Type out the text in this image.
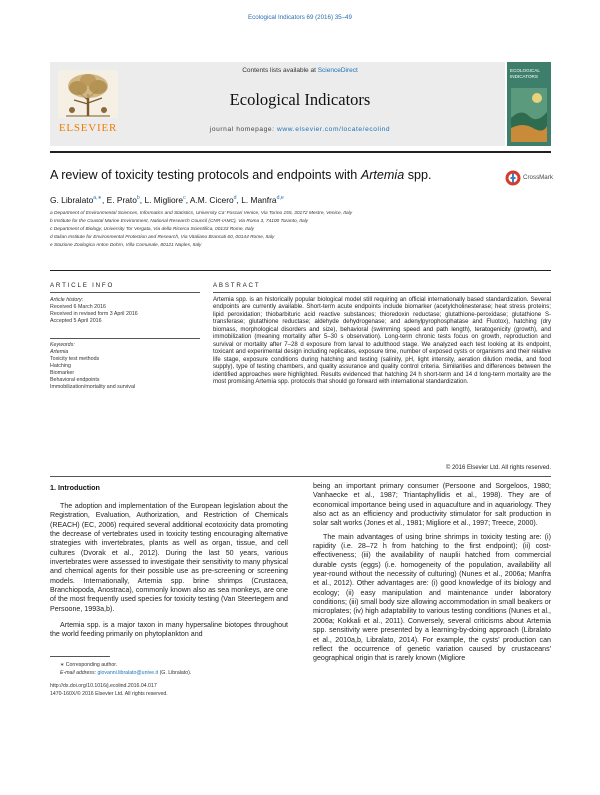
Ecological Indicators 69 (2016) 35–49
Contents lists available at ScienceDirect
Ecological Indicators
journal homepage: www.elsevier.com/locate/ecolind
ELSEVIER
ECOLOGICAL INDICATORS
A review of toxicity testing protocols and endpoints with Artemia spp.	CrossMark
G. Libralato$^{a,∗}$, E. Prato$^b$, L. Migliore$^c$, A.M. Cicero$^d$, L. Manfra$^{d,e}$
a Department of Environmental Sciences, Informatics and Statistics, University Ca' Foscari Venice, Via Torino 155, 30172 Mestre, Venice, Italy
b Institute for the Coastal Marine Environment, National Research Council (CNR-IAMC), Via Roma 3, 74100 Taranto, Italy
c Department of Biology, University Tor Vergata, Via della Ricerca Scientifica, 00133 Rome, Italy
d Italian Institute for Environmental Protection and Research, Via Vitaliano Brancati 60, 00144 Rome, Italy
e Stazione Zoologica Anton Dohrn, Villa Comunale, 80121 Naples, Italy
ARTICLE INFO
Article history:
Received 6 March 2016
Received in revised form 3 April 2016
Accepted 5 April 2016
Keywords:
Artemia
Toxicity test methods
Hatching
Biomarker
Behavioral endpoints
Immobilization/mortality and survival
ABSTRACT
Artemia spp. is an historically popular biological model still requiring an official internationally based standardization. Several endpoints are currently available. Short-term acute endpoints include biomarker (acetylcholinesterase; heat stress proteins; lipid peroxidation; thiobarbituric acid reactive substances; thioredoxin reductase; glutathione-peroxidase; glutathione S-transferase; glutathione reductase; aldehyde dehydrogenase; and adenylpyrophosphatase and Fluotox), hatching (dry biomass, morphological disorders and size), behavioral (swimming speed and path length), teratogenicity (growth), and immobilization (meaning mortality after 5–30 s observation). Long-term chronic tests focus on growth, reproduction and survival or mortality after 7–28 d exposure from larval to adulthood stage. We analyzed each test looking at its endpoint, toxicant and experimental design including replicates, exposure time, number of exposed cysts or organisms and their relative life stage, exposure conditions during hatching and testing (salinity, pH, light intensity, aeration dilution media, and food supply), type of testing chambers, and quality assurance and quality control criteria. Similarities and differences between the identified approaches were highlighted. Results evidenced that hatching 24 h short-term and 14 d long-term mortality are the most promising Artemia spp. protocols that should go forward with international standardization.
© 2016 Elsevier Ltd. All rights reserved.
1. Introduction

The adoption and implementation of the European legislation about the Registration, Evaluation, Authorization, and Restriction of Chemicals (REACH) (EC, 2006) required several additional ecotoxicity data promoting the decrease of vertebrates used in toxicity testing encouraging alternative strategies with invertebrates, plants as well as organ, tissue, and cell cultures (Dvorak et al., 2012). During the last 50 years, various invertebrates were assessed to investigate their sensitivity to many physical and chemical agents for their possible use as pre-screening or screening models. Internationally, Artemia spp. brine shrimps (Crustacea, Branchiopoda, Anostraca), commonly known also as sea monkeys, are one of the most frequently used species for toxicity testing (Van Steertegem and Persoone, 1993a,b).

Artemia spp. is a major taxon in many hypersaline biotopes throughout the world feeding primarily on phytoplankton and

being an important primary consumer (Persoone and Sorgeloos, 1980; Vanhaecke et al., 1987; Triantaphyllidis et al., 1998). They are of economical importance being used in aquaculture and in aquariology. They also act as an efficiency and productivity stimulator for salt production in solar salt works (Jones et al., 1981; Migliore et al., 1997; Treece, 2000).

The main advantages of using brine shrimps in toxicity testing are: (i) rapidity (i.e. 28–72 h from hatching to the first endpoint); (ii) cost-effectiveness; (iii) the availability of nauplii hatched from commercial durable cysts (eggs) (i.e. homogeneity of the population, availability all year-round without the necessity of culturing) (Nunes et al., 2006a; Manfra et al., 2012). Other advantages are: (i) good knowledge of its biology and ecology; (ii) easy manipulation and maintenance under laboratory conditions; (iii) small body size allowing accommodation in small beakers or microplates; (iv) high adaptability to various testing conditions (Nunes et al., 2006a; Kokkali et al., 2011). Conversely, several criticisms about Artemia spp. sensitivity were presented by a learning-by-doing approach (Libralato et al., 2010a,b, Libralato, 2014). For example, the cysts' production can reflect the occurrence of genetic variation caused by crustaceans' geographical origin that is rarely known (Migliore

∗ Corresponding author.
E-mail address: giovanni.libralato@unive.it (G. Libralato).
http://dx.doi.org/10.1016/j.ecolind.2016.04.017
1470-160X/© 2016 Elsevier Ltd. All rights reserved.
